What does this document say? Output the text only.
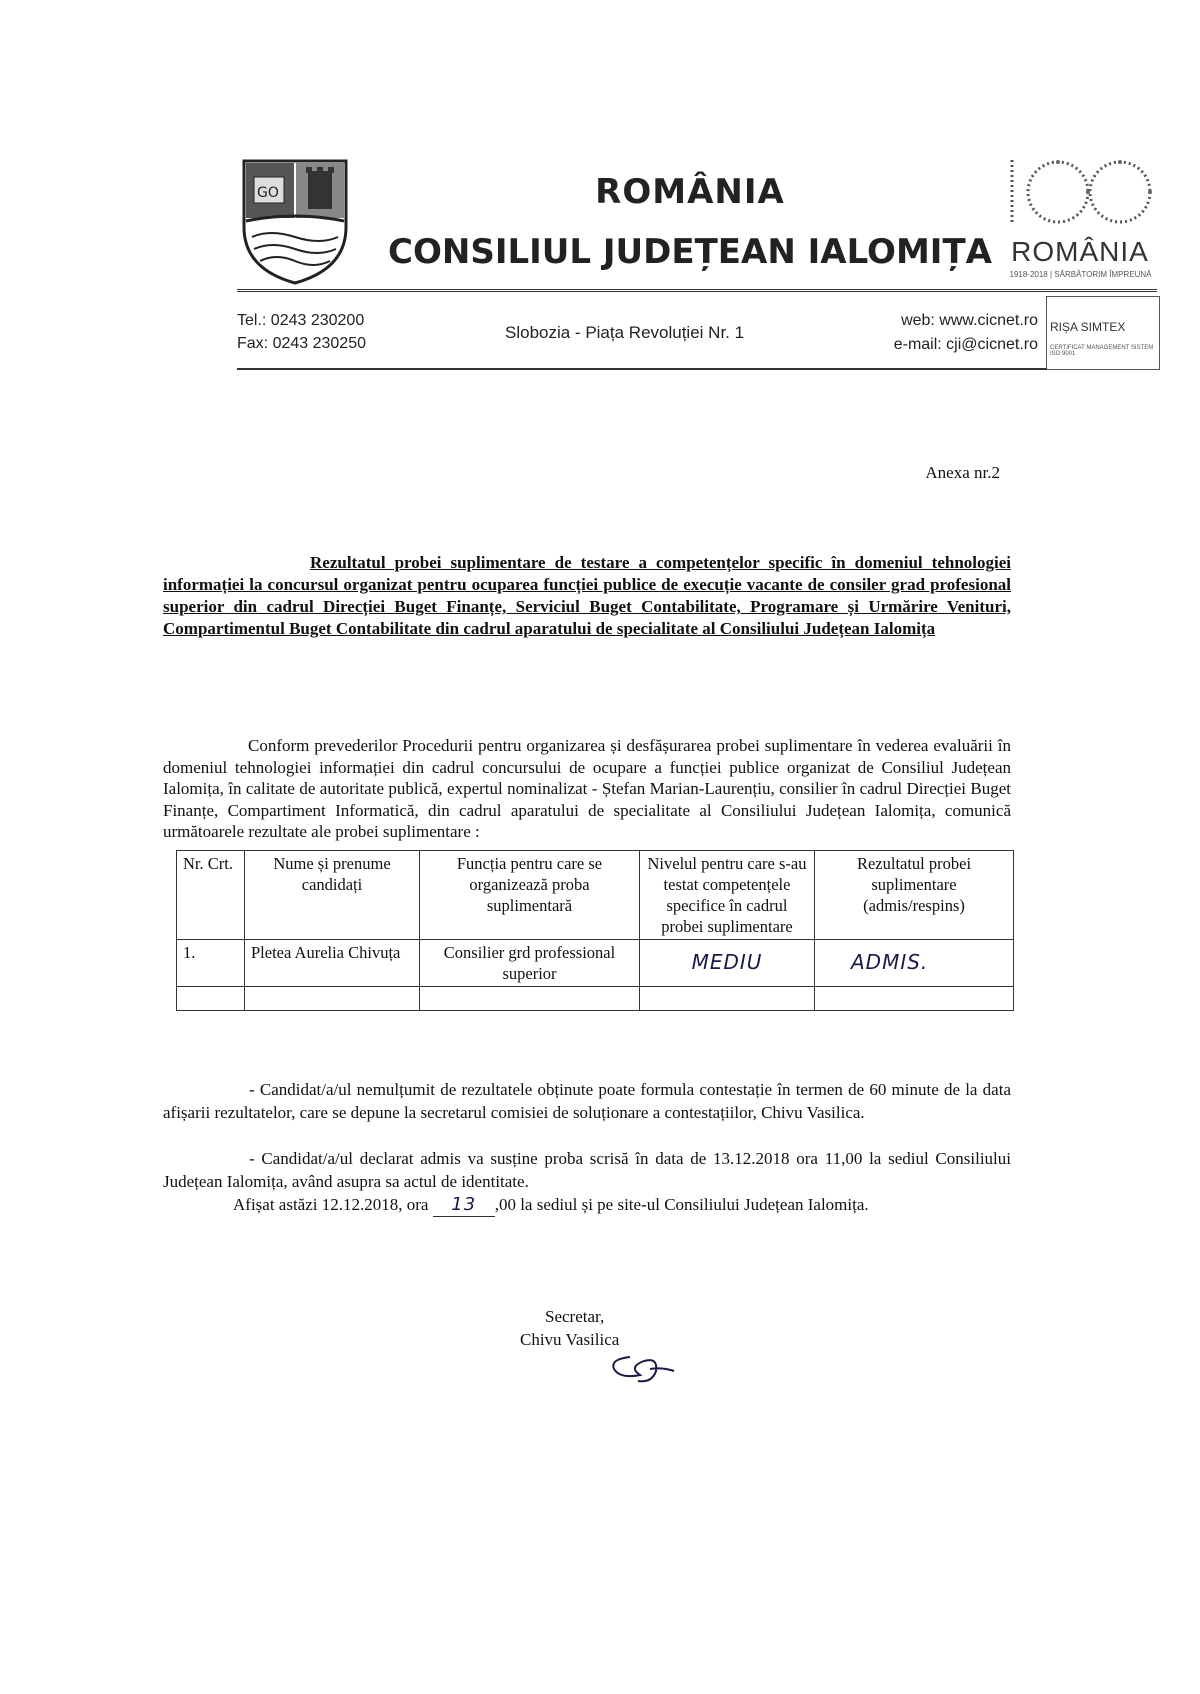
GO	ROMÂNIA
CONSILIUL JUDEȚEAN IALOMIȚA ROMÂNIA
1918-2018 | SĂRBĂTORIM ÎMPREUNĂ
Tel.: 0243 230200
Fax: 0243 230250
Slobozia - Piața Revoluției Nr. 1
web: www.cicnet.ro
e-mail: cji@cicnet.ro
RIȘA SIMTEX
CERTIFICAT MANAGEMENT SISTEM ISO 9001
Anexa nr.2
Rezultatul probei suplimentare de testare a competențelor specific în domeniul tehnologiei informației la concursul organizat pentru ocuparea funcției publice de execuție vacante de consiler grad profesional superior din cadrul Direcției Buget Finanțe, Serviciul Buget Contabilitate, Programare și Urmărire Venituri, Compartimentul Buget Contabilitate din cadrul aparatului de specialitate al Consiliului Județean Ialomița
Conform prevederilor Procedurii pentru organizarea și desfășurarea probei suplimentare în vederea evaluării în domeniul tehnologiei informației din cadrul concursului de ocupare a funcției publice organizat de Consiliul Județean Ialomița, în calitate de autoritate publică, expertul nominalizat - Ștefan Marian-Laurențiu, consilier în cadrul Direcției Buget Finanțe, Compartiment Informatică, din cadrul aparatului de specialitate al Consiliului Județean Ialomița, comunică următoarele rezultate ale probei suplimentare :
Nr. Crt.	Nume și prenume candidați	Funcția pentru care se organizează proba suplimentară	Nivelul pentru care s-au testat competențele specifice în cadrul probei suplimentare	Rezultatul probei suplimentare (admis/respins)
1.	Pletea Aurelia Chivuța	Consilier grd professional superior	MEDIU	ADMIS.

- Candidat/a/ul nemulțumit de rezultatele obținute poate formula contestație în termen de 60 minute de la data afișarii rezultatelor, care se depune la secretarul comisiei de soluționare a contestațiilor, Chivu Vasilica.
- Candidat/a/ul declarat admis va susține proba scrisă în data de 13.12.2018 ora 11,00 la sediul Consiliului Județean Ialomița, având asupra sa actul de identitate.
Afișat astăzi 12.12.2018, ora 13 ,00 la sediul și pe site-ul Consiliului Județean Ialomița.
Secretar,
Chivu Vasilica
